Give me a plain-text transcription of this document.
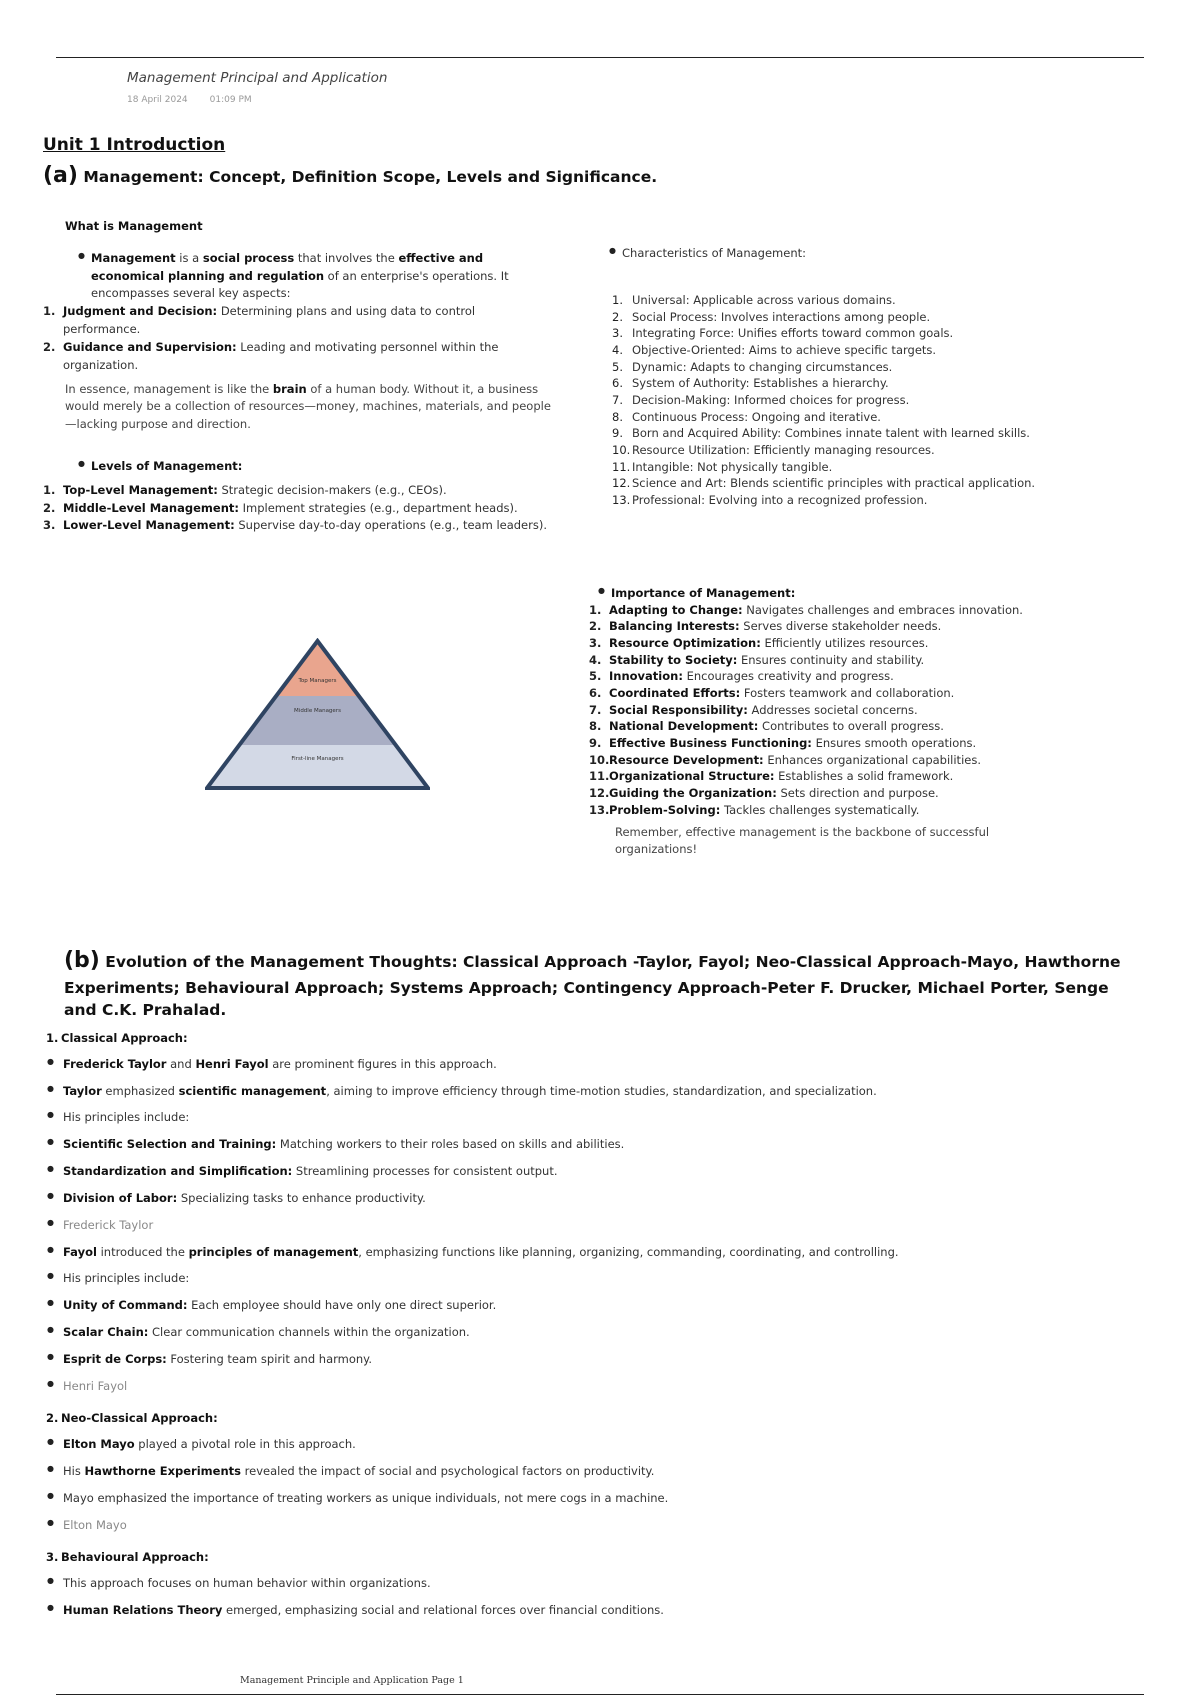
Management Principal and Application
18 April 2024 01:09 PM
Unit 1 Introduction
(a) Management: Concept, Definition Scope, Levels and Significance.
What is Management
● Management is a social process that involves the effective and economical planning and regulation of an enterprise's operations. It encompasses several key aspects:
1. Judgment and Decision: Determining plans and using data to control performance.
2. Guidance and Supervision: Leading and motivating personnel within the organization.
In essence, management is like the brain of a human body. Without it, a business would merely be a collection of resources—money, machines, materials, and people—lacking purpose and direction.
● Levels of Management:
1. Top-Level Management: Strategic decision-makers (e.g., CEOs).
2. Middle-Level Management: Implement strategies (e.g., department heads).
3. Lower-Level Management: Supervise day-to-day operations (e.g., team leaders).
Top Managers
Middle Managers
First-line Managers
● Characteristics of Management:
1. Universal: Applicable across various domains.
2. Social Process: Involves interactions among people.
3. Integrating Force: Unifies efforts toward common goals.
4. Objective-Oriented: Aims to achieve specific targets.
5. Dynamic: Adapts to changing circumstances.
6. System of Authority: Establishes a hierarchy.
7. Decision-Making: Informed choices for progress.
8. Continuous Process: Ongoing and iterative.
9. Born and Acquired Ability: Combines innate talent with learned skills.
10. Resource Utilization: Efficiently managing resources.
11. Intangible: Not physically tangible.
12. Science and Art: Blends scientific principles with practical application.
13. Professional: Evolving into a recognized profession.
● Importance of Management:
1. Adapting to Change: Navigates challenges and embraces innovation.
2. Balancing Interests: Serves diverse stakeholder needs.
3. Resource Optimization: Efficiently utilizes resources.
4. Stability to Society: Ensures continuity and stability.
5. Innovation: Encourages creativity and progress.
6. Coordinated Efforts: Fosters teamwork and collaboration.
7. Social Responsibility: Addresses societal concerns.
8. National Development: Contributes to overall progress.
9. Effective Business Functioning: Ensures smooth operations.
10. Resource Development: Enhances organizational capabilities.
11. Organizational Structure: Establishes a solid framework.
12. Guiding the Organization: Sets direction and purpose.
13. Problem-Solving: Tackles challenges systematically.
Remember, effective management is the backbone of successful organizations!
(b) Evolution of the Management Thoughts: Classical Approach -Taylor, Fayol; Neo-Classical Approach-Mayo, Hawthorne Experiments; Behavioural Approach; Systems Approach; Contingency Approach-Peter F. Drucker, Michael Porter, Senge and C.K. Prahalad.
1. Classical Approach:
● Frederick Taylor and Henri Fayol are prominent figures in this approach.
● Taylor emphasized scientific management, aiming to improve efficiency through time-motion studies, standardization, and specialization.
● His principles include:
● Scientific Selection and Training: Matching workers to their roles based on skills and abilities.
● Standardization and Simplification: Streamlining processes for consistent output.
● Division of Labor: Specializing tasks to enhance productivity.
● Frederick Taylor
● Fayol introduced the principles of management, emphasizing functions like planning, organizing, commanding, coordinating, and controlling.
● His principles include:
● Unity of Command: Each employee should have only one direct superior.
● Scalar Chain: Clear communication channels within the organization.
● Esprit de Corps: Fostering team spirit and harmony.
● Henri Fayol
2. Neo-Classical Approach:
● Elton Mayo played a pivotal role in this approach.
● His Hawthorne Experiments revealed the impact of social and psychological factors on productivity.
● Mayo emphasized the importance of treating workers as unique individuals, not mere cogs in a machine.
● Elton Mayo
3. Behavioural Approach:
● This approach focuses on human behavior within organizations.
● Human Relations Theory emerged, emphasizing social and relational forces over financial conditions.
Management Principle and Application Page 1
